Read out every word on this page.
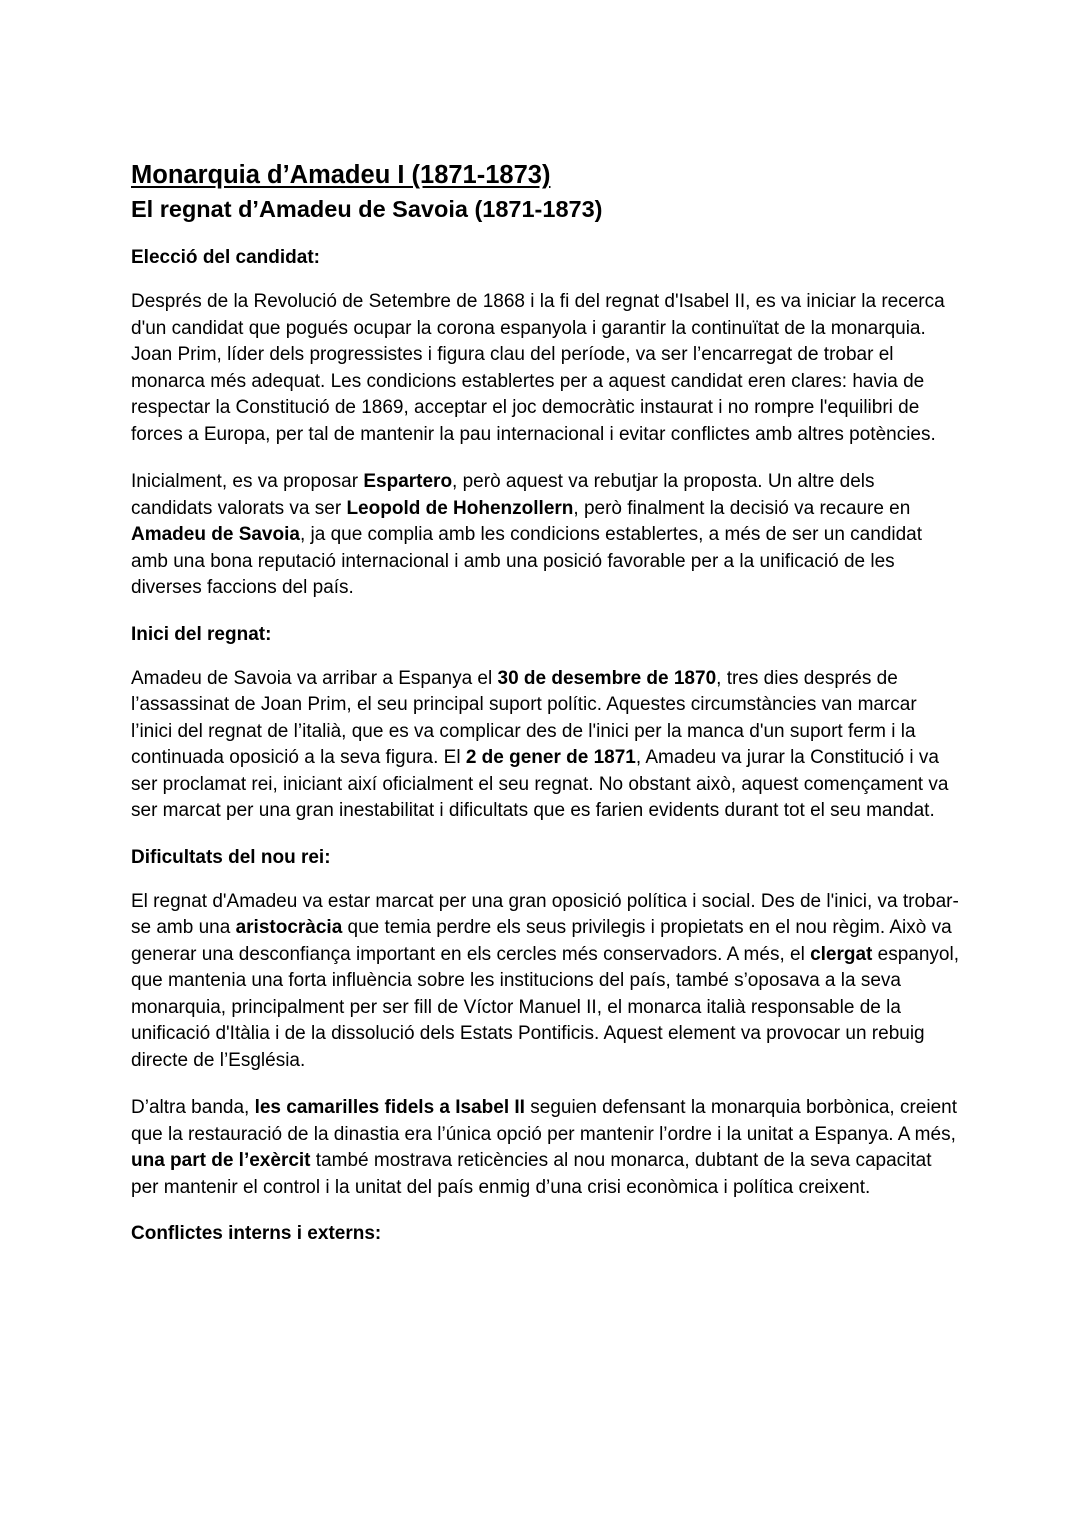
Monarquia d’Amadeu I (1871-1873)
El regnat d’Amadeu de Savoia (1871-1873)
Elecció del candidat:

Després de la Revolució de Setembre de 1868 i la fi del regnat d'Isabel II, es va iniciar la recerca d'un candidat que pogués ocupar la corona espanyola i garantir la continuïtat de la monarquia. Joan Prim, líder dels progressistes i figura clau del període, va ser l’encarregat de trobar el monarca més adequat. Les condicions establertes per a aquest candidat eren clares: havia de respectar la Constitució de 1869, acceptar el joc democràtic instaurat i no rompre l'equilibri de forces a Europa, per tal de mantenir la pau internacional i evitar conflictes amb altres potències.

Inicialment, es va proposar Espartero, però aquest va rebutjar la proposta. Un altre dels candidats valorats va ser Leopold de Hohenzollern, però finalment la decisió va recaure en Amadeu de Savoia, ja que complia amb les condicions establertes, a més de ser un candidat amb una bona reputació internacional i amb una posició favorable per a la unificació de les diverses faccions del país.

Inici del regnat:

Amadeu de Savoia va arribar a Espanya el 30 de desembre de 1870, tres dies després de l’assassinat de Joan Prim, el seu principal suport polític. Aquestes circumstàncies van marcar l’inici del regnat de l’italià, que es va complicar des de l'inici per la manca d'un suport ferm i la continuada oposició a la seva figura. El 2 de gener de 1871, Amadeu va jurar la Constitució i va ser proclamat rei, iniciant així oficialment el seu regnat. No obstant això, aquest començament va ser marcat per una gran inestabilitat i dificultats que es farien evidents durant tot el seu mandat.

Dificultats del nou rei:

El regnat d'Amadeu va estar marcat per una gran oposició política i social. Des de l'inici, va trobar-se amb una aristocràcia que temia perdre els seus privilegis i propietats en el nou règim. Això va generar una desconfiança important en els cercles més conservadors. A més, el clergat espanyol, que mantenia una forta influència sobre les institucions del país, també s’oposava a la seva monarquia, principalment per ser fill de Víctor Manuel II, el monarca italià responsable de la unificació d'Itàlia i de la dissolució dels Estats Pontificis. Aquest element va provocar un rebuig directe de l’Església.

D’altra banda, les camarilles fidels a Isabel II seguien defensant la monarquia borbònica, creient que la restauració de la dinastia era l’única opció per mantenir l’ordre i la unitat a Espanya. A més, una part de l’exèrcit també mostrava reticències al nou monarca, dubtant de la seva capacitat per mantenir el control i la unitat del país enmig d’una crisi econòmica i política creixent.

Conflictes interns i externs:
